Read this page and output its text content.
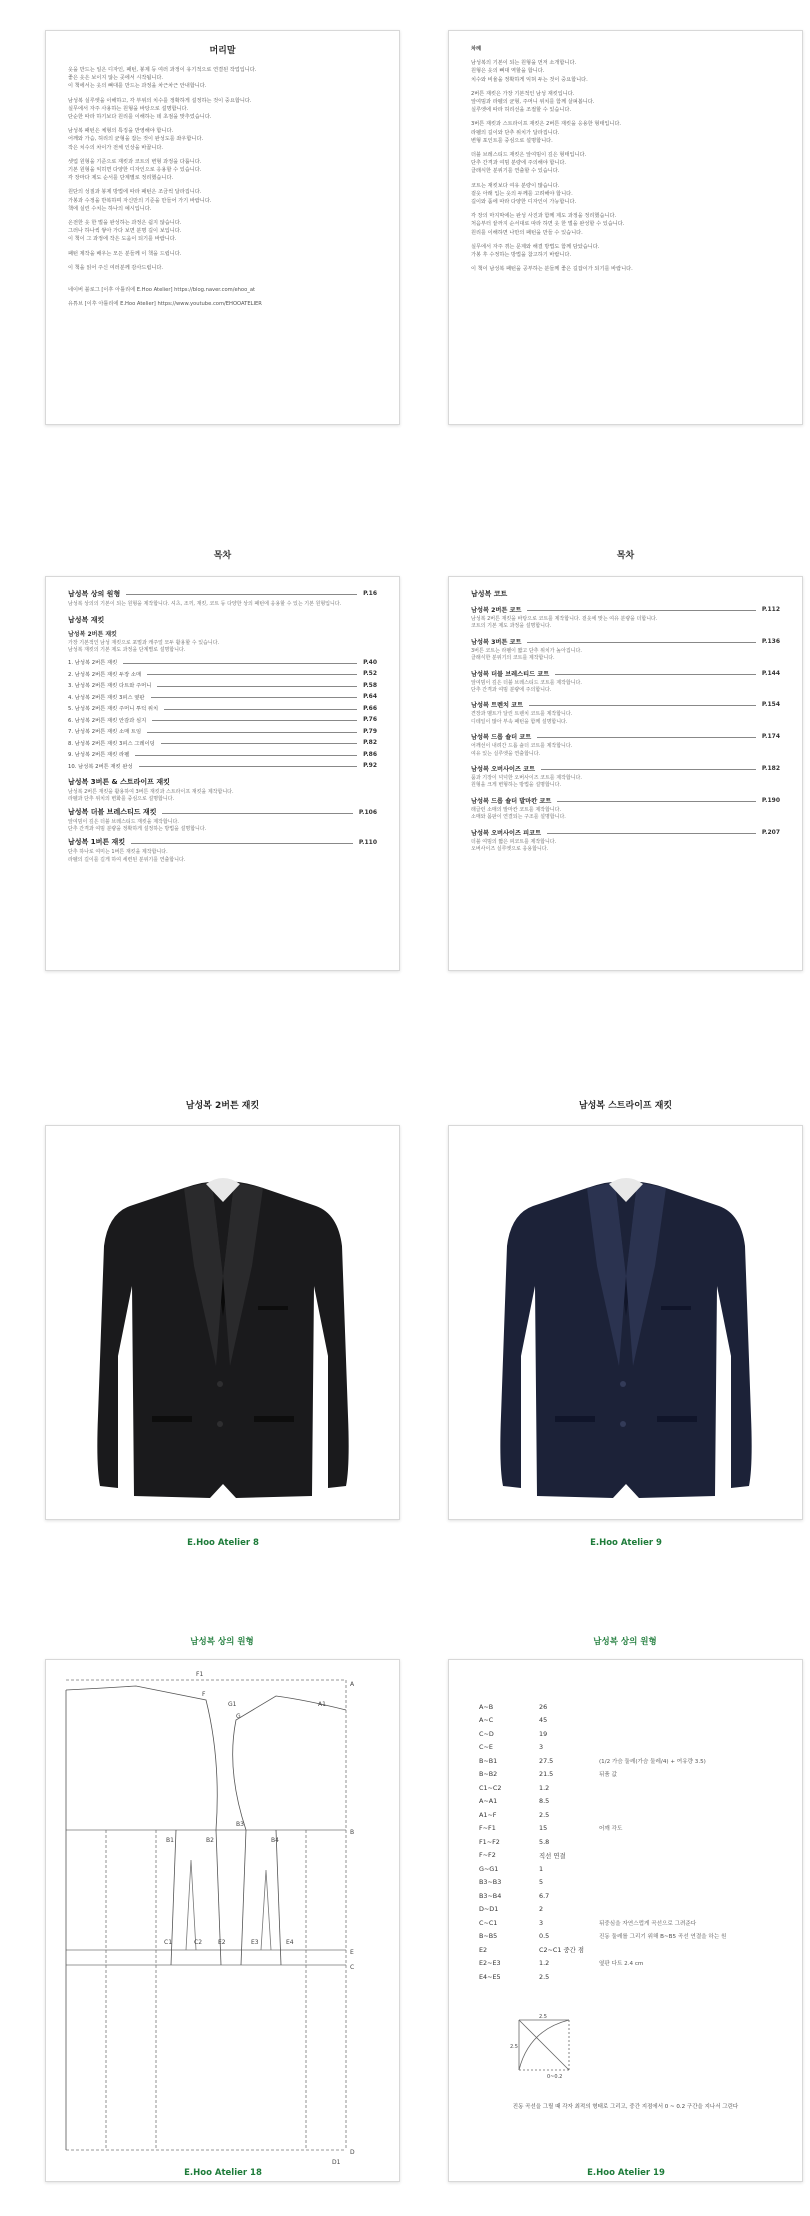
머리말

옷을 만드는 일은 디자인, 패턴, 봉제 등 여러 과정이 유기적으로 연결된 작업입니다.
좋은 옷은 보이지 않는 곳에서 시작됩니다.
이 책에서는 옷의 뼈대를 만드는 과정을 차근차근 안내합니다.

남성복 실루엣을 이해하고, 각 부위의 치수를 정확하게 설정하는 것이 중요합니다.
실무에서 자주 사용하는 원형을 바탕으로 설명합니다.
단순한 따라 하기보다 원리를 이해하는 데 초점을 맞추었습니다.

남성복 패턴은 체형의 특징을 반영해야 합니다.
어깨와 가슴, 허리의 균형을 잡는 것이 완성도를 좌우합니다.
작은 치수의 차이가 전체 인상을 바꿉니다.

셋업 원형을 기준으로 재킷과 코트의 변형 과정을 다룹니다.
기본 원형을 익히면 다양한 디자인으로 응용할 수 있습니다.
각 장마다 제도 순서를 단계별로 정리했습니다.

원단의 성질과 봉제 방법에 따라 패턴은 조금씩 달라집니다.
가봉과 수정을 반복하며 자신만의 기준을 만들어 가기 바랍니다.
책에 실린 수치는 하나의 예시입니다.

온전한 옷 한 벌을 완성하는 과정은 쉽지 않습니다.
그러나 하나씩 쌓아 가다 보면 분명 길이 보입니다.
이 책이 그 과정에 작은 도움이 되기를 바랍니다.

패턴 제작을 배우는 모든 분들께 이 책을 드립니다.

이 책을 읽어 주신 여러분께 감사드립니다.

네이버 블로그 [이후 아틀리에 E.Hoo Atelier] https://blog.naver.com/ehoo_at

유튜브 [이후 아틀리에 E.Hoo Atelier] https://www.youtube.com/EHOOATELIER

차례

남성복의 기본이 되는 원형을 먼저 소개합니다.
원형은 옷의 뼈대 역할을 합니다.
치수와 비율을 정확하게 익혀 두는 것이 중요합니다.

2버튼 재킷은 가장 기본적인 남성 재킷입니다.
앞여밈과 라펠의 균형, 주머니 위치를 함께 살펴봅니다.
실루엣에 따라 허리선을 조절할 수 있습니다.

3버튼 재킷과 스트라이프 재킷은 2버튼 재킷을 응용한 형태입니다.
라펠의 길이와 단추 위치가 달라집니다.
변형 포인트를 중심으로 설명합니다.

더블 브레스티드 재킷은 앞여밈이 깊은 형태입니다.
단추 간격과 여밈 분량에 주의해야 합니다.
클래식한 분위기를 연출할 수 있습니다.

코트는 재킷보다 여유 분량이 많습니다.
겉옷 아래 입는 옷의 두께를 고려해야 합니다.
길이와 품에 따라 다양한 디자인이 가능합니다.

각 장의 마지막에는 완성 사진과 함께 제도 과정을 정리했습니다.
처음부터 끝까지 순서대로 따라 하면 옷 한 벌을 완성할 수 있습니다.
원리를 이해하면 나만의 패턴을 만들 수 있습니다.

실무에서 자주 겪는 문제와 해결 방법도 함께 담았습니다.
가봉 후 수정하는 방법을 참고하기 바랍니다.

이 책이 남성복 패턴을 공부하는 분들께 좋은 길잡이가 되기를 바랍니다.

목차	목차
남성복 상의 원형	P.16
남성복 상의의 기본이 되는 원형을 제작합니다. 셔츠, 조끼, 재킷, 코트 등 다양한 상의 패턴에 응용할 수 있는 기본 원형입니다.
남성복 재킷
남성복 2버튼 재킷
가장 기본적인 남성 재킷으로 포멀과 캐주얼 모두 활용할 수 있습니다.
남성복 재킷의 기본 제도 과정을 단계별로 설명합니다.
1. 남성복 2버튼 재킷	P.40
2. 남성복 2버튼 재킷 두장 소매	P.52
3. 남성복 2버튼 재킷 다트와 주머니	P.58
4. 남성복 2버튼 재킷 3피스 옆판	P.64
5. 남성복 2버튼 재킷 주머니 투턱 위치	P.66
6. 남성복 2버튼 재킷 안감과 심지	P.76
7. 남성복 2버튼 재킷 소매 트임	P.79
8. 남성복 2버튼 재킷 3피스 그레이딩	P.82
9. 남성복 2버튼 재킷 라펠	P.86
10. 남성복 2버튼 재킷 완성	P.92
남성복 3버튼 & 스트라이프 재킷
남성복 2버튼 재킷을 활용하여 3버튼 재킷과 스트라이프 재킷을 제작합니다.
라펠과 단추 위치의 변화를 중심으로 설명합니다.
남성복 더블 브레스티드 재킷	P.106
앞여밈이 깊은 더블 브레스티드 재킷을 제작합니다.
단추 간격과 여밈 분량을 정확하게 설정하는 방법을 설명합니다.
남성복 1버튼 재킷	P.110
단추 하나로 여미는 1버튼 재킷을 제작합니다.
라펠의 길이를 길게 하여 세련된 분위기를 연출합니다.
남성복 코트
남성복 2버튼 코트	P.112
남성복 2버튼 재킷을 바탕으로 코트를 제작합니다. 겉옷에 맞는 여유 분량을 더합니다.
코트의 기본 제도 과정을 설명합니다.
남성복 3버튼 코트	P.136
3버튼 코트는 라펠이 짧고 단추 위치가 높아집니다.
클래식한 분위기의 코트를 제작합니다.
남성복 더블 브레스티드 코트	P.144
앞여밈이 깊은 더블 브레스티드 코트를 제작합니다.
단추 간격과 여밈 분량에 주의합니다.
남성복 트렌치 코트	P.154
견장과 벨트가 달린 트렌치 코트를 제작합니다.
디테일이 많아 부속 패턴을 함께 설명합니다.
남성복 드롭 숄더 코트	P.174
어깨선이 내려간 드롭 숄더 코트를 제작합니다.
여유 있는 실루엣을 연출합니다.
남성복 오버사이즈 코트	P.182
품과 기장이 넉넉한 오버사이즈 코트를 제작합니다.
원형을 크게 변형하는 방법을 설명합니다.
남성복 드롭 숄더 발마칸 코트	P.190
래글런 소매의 발마칸 코트를 제작합니다.
소매와 몸판이 연결되는 구조를 설명합니다.
남성복 오버사이즈 피코트	P.207
더블 여밈의 짧은 피코트를 제작합니다.
오버사이즈 실루엣으로 응용합니다.
남성복 2버튼 재킷	남성복 스트라이프 재킷
E.Hoo Atelier 8	E.Hoo Atelier 9
남성복 상의 원형	남성복 상의 원형
F1
F
G1	A1
G
B1	B2
B3
B4
A
B
C1	C2	E2	E3	E4
E
C
D1
D
E.Hoo Atelier 18
A~B	26
A~C	45
C~D	19
C~E	3
B~B1	27.5	(1/2 가슴 둘레(가슴 둘레/4) + 여유량 3.5)
B~B2	21.5	뒤품 값
C1~C2	1.2
A~A1	8.5
A1~F	2.5
F~F1	15	어깨 각도
F1~F2	5.8
F~F2	직선 연결
G~G1	1
B3~B3	5
B3~B4	6.7
D~D1	2
C~C1	3	뒤중심을 자연스럽게 곡선으로 그려준다
B~B5	0.5	진동 둘레를 그리기 위해 B~B5 곡선 연결을 하는 원
E2	C2~C1 중간 점
E2~E3	1.2	옆판 다트 2.4 cm
E4~E5	2.5
2.5
2.5
0~0.2
진동 곡선을 그릴 때 각자 최적의 형태로 그리고, 중간 지점에서 0 ~ 0.2 구간을 지나서 그린다
E.Hoo Atelier 19
